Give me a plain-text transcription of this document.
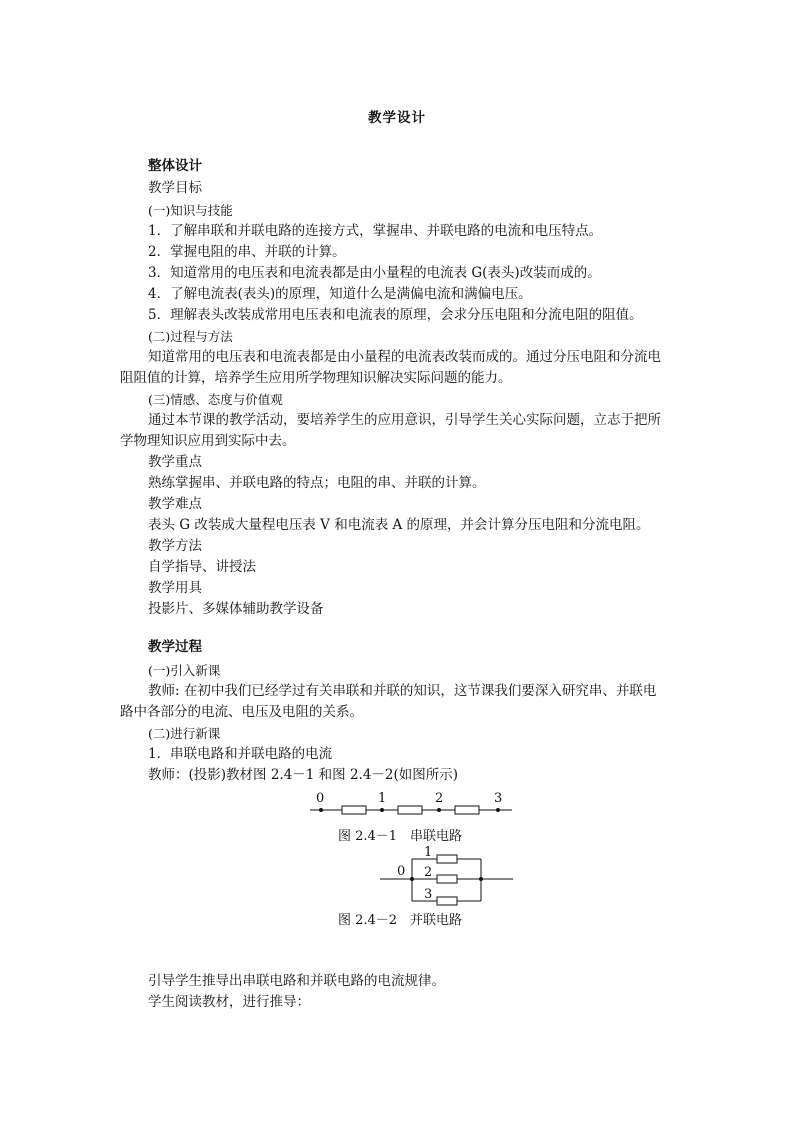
教学设计
整体设计
教学目标
(一)知识与技能
1．了解串联和并联电路的连接方式，掌握串、并联电路的电流和电压特点。
2．掌握电阻的串、并联的计算。
3．知道常用的电压表和电流表都是由小量程的电流表 G(表头)改装而成的。
4．了解电流表(表头)的原理，知道什么是满偏电流和满偏电压。
5．理解表头改装成常用电压表和电流表的原理，会求分压电阻和分流电阻的阻值。
(二)过程与方法
知道常用的电压表和电流表都是由小量程的电流表改装而成的。通过分压电阻和分流电
阻阻值的计算，培养学生应用所学物理知识解决实际问题的能力。
(三)情感、态度与价值观
通过本节课的教学活动，要培养学生的应用意识，引导学生关心实际问题，立志于把所
学物理知识应用到实际中去。
教学重点
熟练掌握串、并联电路的特点；电阻的串、并联的计算。
教学难点
表头 G 改装成大量程电压表 V 和电流表 A 的原理，并会计算分压电阻和分流电阻。
教学方法
自学指导、讲授法
教学用具
投影片、多媒体辅助教学设备
教学过程
(一)引入新课
教师: 在初中我们已经学过有关串联和并联的知识，这节课我们要深入研究串、并联电
路中各部分的电流、电压及电阻的关系。
(二)进行新课
1．串联电路和并联电路的电流
教师：(投影)教材图 2.4－1 和图 2.4－2(如图所示)
0	1	2	3
图 2.4－1　串联电路
0
1
2
3
图 2.4－2　并联电路
引导学生推导出串联电路和并联电路的电流规律。
学生阅读教材，进行推导：
